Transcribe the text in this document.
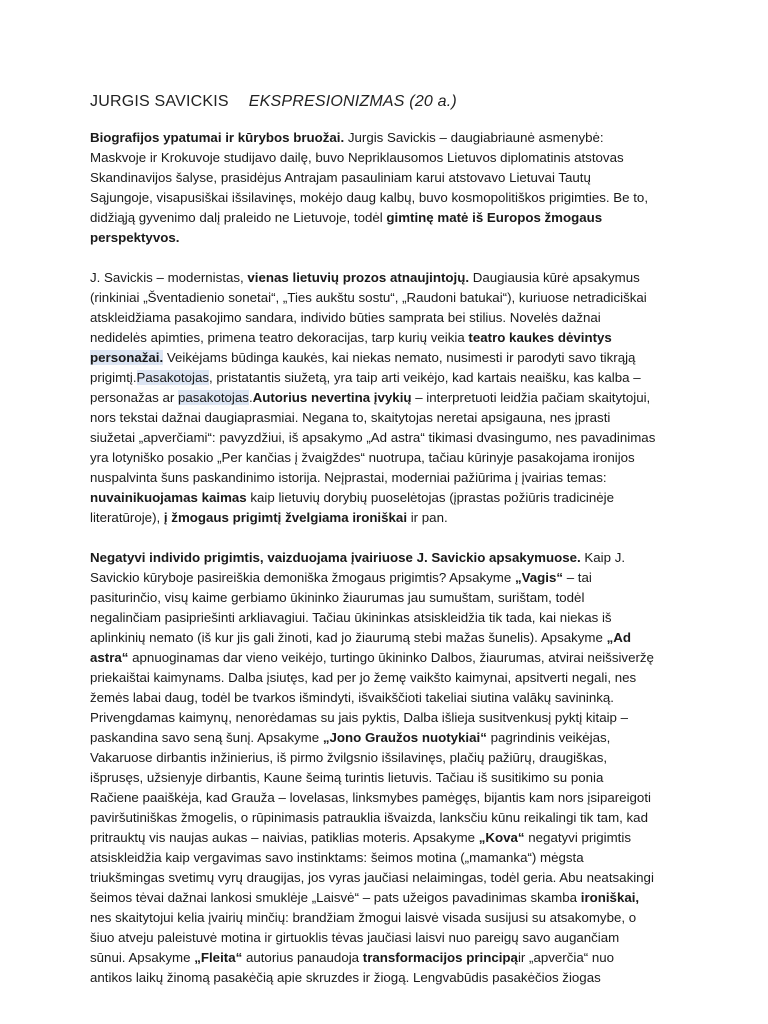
JURGIS SAVICKIS EKSPRESIONIZMAS (20 a.)
Biografijos ypatumai ir kūrybos bruožai. Jurgis Savickis – daugiabriaunė asmenybė:
Maskvoje ir Krokuvoje studijavo dailę, buvo Nepriklausomos Lietuvos diplomatinis atstovas
Skandinavijos šalyse, prasidėjus Antrajam pasauliniam karui atstovavo Lietuvai Tautų
Sąjungoje, visapusiškai išsilavinęs, mokėjo daug kalbų, buvo kosmopolitiškos prigimties. Be to,
didžiąją gyvenimo dalį praleido ne Lietuvoje, todėl gimtinę matė iš Europos žmogaus
perspektyvos.
J. Savickis – modernistas, vienas lietuvių prozos atnaujintojų. Daugiausia kūrė apsakymus
(rinkiniai „Šventadienio sonetai“, „Ties aukštu sostu“, „Raudoni batukai“), kuriuose netradiciškai
atskleidžiama pasakojimo sandara, individo būties samprata bei stilius. Novelės dažnai
nedidelės apimties, primena teatro dekoracijas, tarp kurių veikia teatro kaukes dėvintys
personažai. Veikėjams būdinga kaukės, kai niekas nemato, nusimesti ir parodyti savo tikrąją
prigimtį.Pasakotojas, pristatantis siužetą, yra taip arti veikėjo, kad kartais neaišku, kas kalba –
personažas ar pasakotojas.Autorius nevertina įvykių – interpretuoti leidžia pačiam skaitytojui,
nors tekstai dažnai daugiaprasmiai. Negana to, skaitytojas neretai apsigauna, nes įprasti
siužetai „apverčiami“: pavyzdžiui, iš apsakymo „Ad astra“ tikimasi dvasingumo, nes pavadinimas
yra lotyniško posakio „Per kančias į žvaigždes“ nuotrupa, tačiau kūrinyje pasakojama ironijos
nuspalvinta šuns paskandinimo istorija. Neįprastai, moderniai pažiūrima į įvairias temas:
nuvainikuojamas kaimas kaip lietuvių dorybių puoselėtojas (įprastas požiūris tradicinėje
literatūroje), į žmogaus prigimtį žvelgiama ironiškai ir pan.
Negatyvi individo prigimtis, vaizduojama įvairiuose J. Savickio apsakymuose. Kaip J.
Savickio kūryboje pasireiškia demoniška žmogaus prigimtis? Apsakyme „Vagis“ – tai
pasiturinčio, visų kaime gerbiamo ūkininko žiaurumas jau sumuštam, surištam, todėl
negalinčiam pasipriešinti arkliavagiui. Tačiau ūkininkas atsiskleidžia tik tada, kai niekas iš
aplinkinių nemato (iš kur jis gali žinoti, kad jo žiaurumą stebi mažas šunelis). Apsakyme „Ad
astra“ apnuoginamas dar vieno veikėjo, turtingo ūkininko Dalbos, žiaurumas, atvirai neišsiveržę
priekaištai kaimynams. Dalba įsiutęs, kad per jo žemę vaikšto kaimynai, apsitverti negali, nes
žemės labai daug, todėl be tvarkos išmindyti, išvaikščioti takeliai siutina valākų savininką.
Privengdamas kaimynų, nenorėdamas su jais pyktis, Dalba išlieja susitvenkusį pyktį kitaip –
paskandina savo seną šunį. Apsakyme „Jono Graužos nuotykiai“ pagrindinis veikėjas,
Vakaruose dirbantis inžinierius, iš pirmo žvilgsnio išsilavinęs, plačių pažiūrų, draugiškas,
išprusęs, užsienyje dirbantis, Kaune šeimą turintis lietuvis. Tačiau iš susitikimo su ponia
Račiene paaiškėja, kad Grauža – lovelasas, linksmybes pamėgęs, bijantis kam nors įsipareigoti
paviršutiniškas žmogelis, o rūpinimasis patrauklia išvaizda, lanksčiu kūnu reikalingi tik tam, kad
pritrauktų vis naujas aukas – naivias, patiklias moteris. Apsakyme „Kova“ negatyvi prigimtis
atsiskleidžia kaip vergavimas savo instinktams: šeimos motina („mamanka“) mėgsta
triukšmingas svetimų vyrų draugijas, jos vyras jaučiasi nelaimingas, todėl geria. Abu neatsakingi
šeimos tėvai dažnai lankosi smuklėje „Laisvė“ – pats užeigos pavadinimas skamba ironiškai,
nes skaitytojui kelia įvairių minčių: brandžiam žmogui laisvė visada susijusi su atsakomybe, o
šiuo atveju paleistuvė motina ir girtuoklis tėvas jaučiasi laisvi nuo pareigų savo augančiam
sūnui. Apsakyme „Fleita“ autorius panaudoja transformacijos principąir „apverčia“ nuo
antikos laikų žinomą pasakėčią apie skruzdes ir žiogą. Lengvabūdis pasakėčios žiogas
